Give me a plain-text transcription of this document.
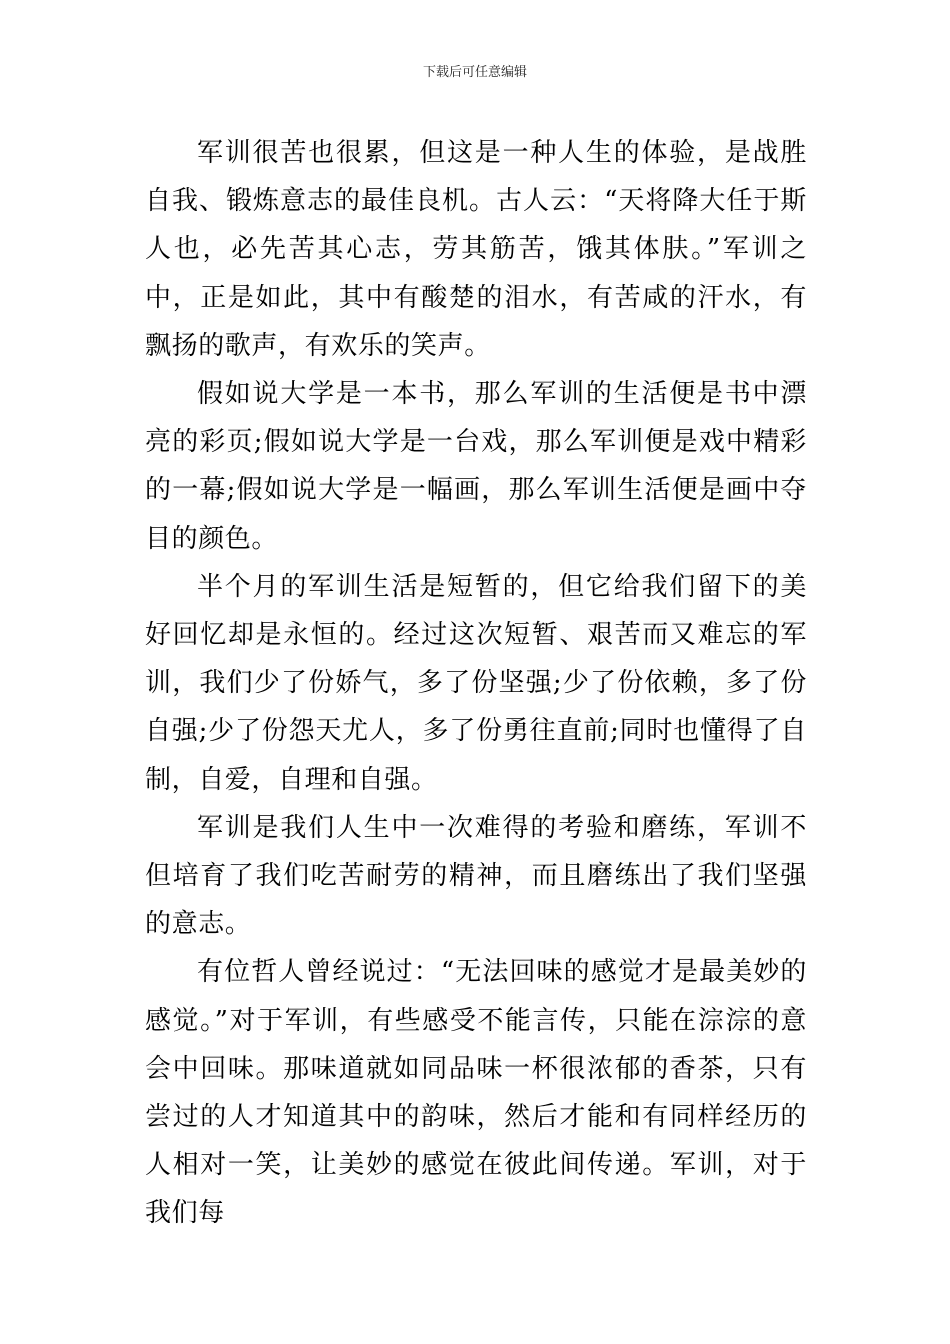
下载后可任意编辑

军训很苦也很累，但这是一种人生的体验，是战胜自我、锻炼意志的最佳良机。古人云：“天将降大任于斯人也，必先苦其心志，劳其筋苦，饿其体肤。”军训之中，正是如此，其中有酸楚的泪水，有苦咸的汗水，有飘扬的歌声，有欢乐的笑声。

假如说大学是一本书，那么军训的生活便是书中漂亮的彩页;假如说大学是一台戏，那么军训便是戏中精彩的一幕;假如说大学是一幅画，那么军训生活便是画中夺目的颜色。

半个月的军训生活是短暂的，但它给我们留下的美好回忆却是永恒的。经过这次短暂、艰苦而又难忘的军训，我们少了份娇气，多了份坚强;少了份依赖，多了份自强;少了份怨天尤人，多了份勇往直前;同时也懂得了自制，自爱，自理和自强。

军训是我们人生中一次难得的考验和磨练，军训不但培育了我们吃苦耐劳的精神，而且磨练出了我们坚强的意志。

有位哲人曾经说过：“无法回味的感觉才是最美妙的感觉。”对于军训，有些感受不能言传，只能在淙淙的意会中回味。那味道就如同品味一杯很浓郁的香茶，只有尝过的人才知道其中的韵味，然后才能和有同样经历的人相对一笑，让美妙的感觉在彼此间传递。军训，对于我们每
